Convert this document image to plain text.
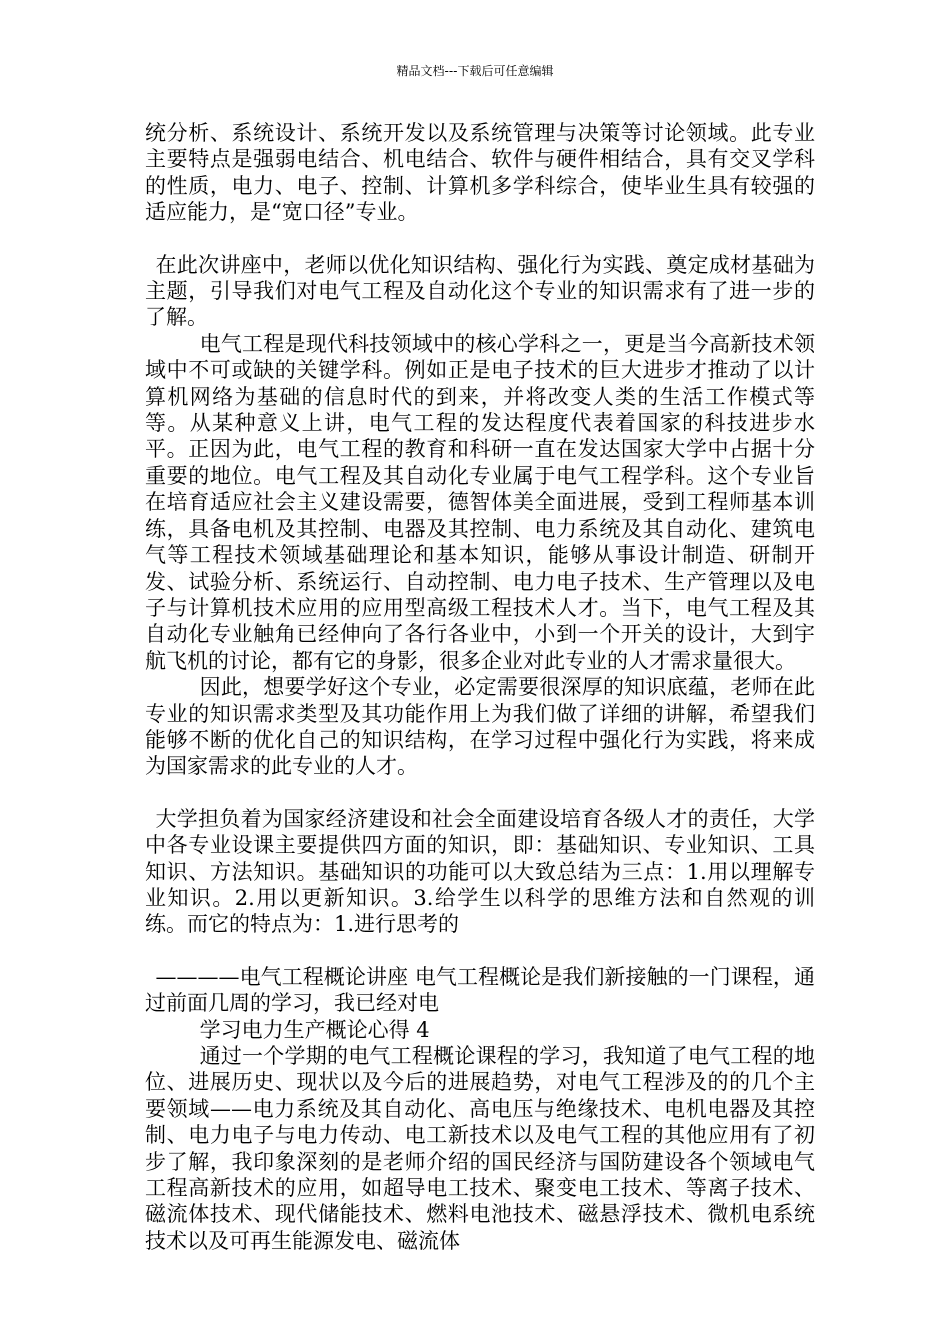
精品文档---下载后可任意编辑

统分析、系统设计、系统开发以及系统管理与决策等讨论领域。此专业主要特点是强弱电结合、机电结合、软件与硬件相结合，具有交叉学科的性质，电力、电子、控制、计算机多学科综合，使毕业生具有较强的适应能力，是“宽口径”专业。

在此次讲座中，老师以优化知识结构、强化行为实践、奠定成材基础为主题，引导我们对电气工程及自动化这个专业的知识需求有了进一步的了解。

电气工程是现代科技领域中的核心学科之一，更是当今高新技术领域中不可或缺的关键学科。例如正是电子技术的巨大进步才推动了以计算机网络为基础的信息时代的到来，并将改变人类的生活工作模式等等。从某种意义上讲，电气工程的发达程度代表着国家的科技进步水平。正因为此，电气工程的教育和科研一直在发达国家大学中占据十分重要的地位。电气工程及其自动化专业属于电气工程学科。这个专业旨在培育适应社会主义建设需要，德智体美全面进展，受到工程师基本训练，具备电机及其控制、电器及其控制、电力系统及其自动化、建筑电气等工程技术领域基础理论和基本知识，能够从事设计制造、研制开发、试验分析、系统运行、自动控制、电力电子技术、生产管理以及电子与计算机技术应用的应用型高级工程技术人才。当下，电气工程及其自动化专业触角已经伸向了各行各业中，小到一个开关的设计，大到宇航飞机的讨论，都有它的身影，很多企业对此专业的人才需求量很大。

因此，想要学好这个专业，必定需要很深厚的知识底蕴，老师在此专业的知识需求类型及其功能作用上为我们做了详细的讲解，希望我们能够不断的优化自己的知识结构，在学习过程中强化行为实践，将来成为国家需求的此专业的人才。

大学担负着为国家经济建设和社会全面建设培育各级人才的责任，大学中各专业设课主要提供四方面的知识，即：基础知识、专业知识、工具知识、方法知识。基础知识的功能可以大致总结为三点：1.用以理解专业知识。2.用以更新知识。3.给学生以科学的思维方法和自然观的训练。而它的特点为：1.进行思考的

————电气工程概论讲座 电气工程概论是我们新接触的一门课程，通过前面几周的学习，我已经对电

学习电力生产概论心得 4

通过一个学期的电气工程概论课程的学习，我知道了电气工程的地位、进展历史、现状以及今后的进展趋势，对电气工程涉及的的几个主要领域——电力系统及其自动化、高电压与绝缘技术、电机电器及其控制、电力电子与电力传动、电工新技术以及电气工程的其他应用有了初步了解，我印象深刻的是老师介绍的国民经济与国防建设各个领域电气工程高新技术的应用，如超导电工技术、聚变电工技术、等离子技术、磁流体技术、现代储能技术、燃料电池技术、磁悬浮技术、微机电系统技术以及可再生能源发电、磁流体
